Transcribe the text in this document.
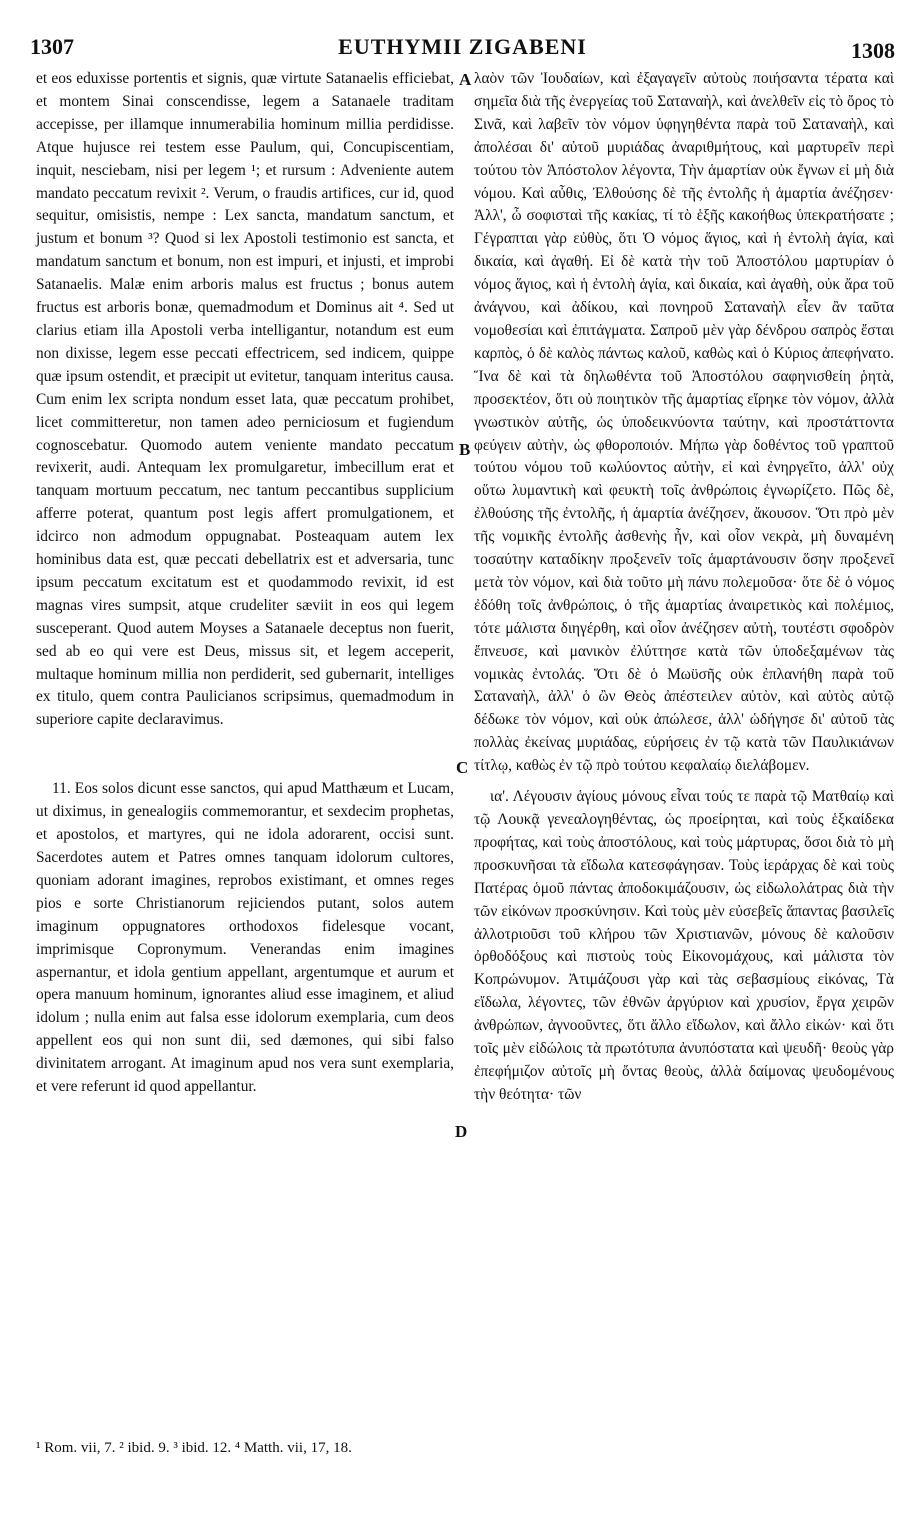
1307	EUTHYMII ZIGABENI	1308

et eos eduxisse portentis et signis, quæ virtute Satanaelis efficiebat, et montem Sinai conscendisse, legem a Satanaele traditam accepisse, per illamque innumerabilia hominum millia perdidisse. Atque hujusce rei testem esse Paulum, qui, Concupiscentiam, inquit, nesciebam, nisi per legem ¹; et rursum : Adveniente autem mandato peccatum revixit ². Verum, o fraudis artifices, cur id, quod sequitur, omisistis, nempe : Lex sancta, mandatum sanctum, et justum et bonum ³? Quod si lex Apostoli testimonio est sancta, et mandatum sanctum et bonum, non est impuri, et injusti, et improbi Satanaelis. Malæ enim arboris malus est fructus ; bonus autem fructus est arboris bonæ, quemadmodum et Dominus ait ⁴. Sed ut clarius etiam illa Apostoli verba intelligantur, notandum est eum non dixisse, legem esse peccati effectricem, sed indicem, quippe quæ ipsum ostendit, et præcipit ut evitetur, tanquam interitus causa. Cum enim lex scripta nondum esset lata, quæ peccatum prohibet, licet committeretur, non tamen adeo perniciosum et fugiendum cognoscebatur. Quomodo autem veniente mandato peccatum revixerit, audi. Antequam lex promulgaretur, imbecillum erat et tanquam mortuum peccatum, nec tantum peccantibus supplicium afferre poterat, quantum post legis affert promulgationem, et idcirco non admodum oppugnabat. Posteaquam autem lex hominibus data est, quæ peccati debellatrix est et adversaria, tunc ipsum peccatum excitatum est et quodammodo revixit, id est magnas vires sumpsit, atque crudeliter sæviit in eos qui legem susceperant. Quod autem Moyses a Satanaele deceptus non fuerit, sed ab eo qui vere est Deus, missus sit, et legem acceperit, multaque hominum millia non perdiderit, sed gubernarit, intelliges ex titulo, quem contra Paulicianos scripsimus, quemadmodum in superiore capite declaravimus.

11. Eos solos dicunt esse sanctos, qui apud Matthæum et Lucam, ut diximus, in genealogiis commemorantur, et sexdecim prophetas, et apostolos, et martyres, qui ne idola adorarent, occisi sunt. Sacerdotes autem et Patres omnes tanquam idolorum cultores, quoniam adorant imagines, reprobos existimant, et omnes reges pios e sorte Christianorum rejiciendos putant, solos autem imaginum oppugnatores orthodoxos fidelesque vocant, imprimisque Copronymum. Venerandas enim imagines aspernantur, et idola gentium appellant, argentumque et aurum et opera manuum hominum, ignorantes aliud esse imaginem, et aliud idolum ; nulla enim aut falsa esse idolorum exemplaria, cum deos appellent eos qui non sunt dii, sed dæmones, qui sibi falso divinitatem arrogant. At imaginum apud nos vera sunt exemplaria, et vere referunt id quod appellantur.

A
B
C
D

λαὸν τῶν Ἰουδαίων, καὶ ἐξαγαγεῖν αὐτοὺς ποιήσαντα τέρατα καὶ σημεῖα διὰ τῆς ἐνεργείας τοῦ Σαταναὴλ, καὶ ἀνελθεῖν εἰς τὸ ὄρος τὸ Σινᾶ, καὶ λαβεῖν τὸν νόμον ὑφηγηθέντα παρὰ τοῦ Σαταναὴλ, καὶ ἀπολέσαι δι' αὐτοῦ μυριάδας ἀναριθμήτους, καὶ μαρτυρεῖν περὶ τούτου τὸν Ἀπόστολον λέγοντα, Τὴν ἁμαρτίαν οὐκ ἔγνων εἰ μὴ διὰ νόμου. Καὶ αὖθις, Ἐλθούσης δὲ τῆς ἐντολῆς ἡ ἁμαρτία ἀνέζησεν· Ἀλλ', ὦ σοφισταὶ τῆς κακίας, τί τὸ ἑξῆς κακοήθως ὑπεκρατήσατε ; Γέγραπται γὰρ εὐθὺς, ὅτι Ὁ νόμος ἅγιος, καὶ ἡ ἐντολὴ ἁγία, καὶ δικαία, καὶ ἀγαθή. Εἰ δὲ κατὰ τὴν τοῦ Ἀποστόλου μαρτυρίαν ὁ νόμος ἅγιος, καὶ ἡ ἐντολὴ ἁγία, καὶ δικαία, καὶ ἀγαθὴ, οὐκ ἄρα τοῦ ἀνάγνου, καὶ ἀδίκου, καὶ πονηροῦ Σαταναὴλ εἶεν ἂν ταῦτα νομοθεσίαι καὶ ἐπιτάγματα. Σαπροῦ μὲν γὰρ δένδρου σαπρὸς ἔσται καρπὸς, ὁ δὲ καλὸς πάντως καλοῦ, καθὼς καὶ ὁ Κύριος ἀπεφήνατο. Ἵνα δὲ καὶ τὰ δηλωθέντα τοῦ Ἀποστόλου σαφηνισθείη ῥητὰ, προσεκτέον, ὅτι οὐ ποιητικὸν τῆς ἁμαρτίας εἴρηκε τὸν νόμον, ἀλλὰ γνωστικὸν αὐτῆς, ὡς ὑποδεικνύοντα ταύτην, καὶ προστάττοντα φεύγειν αὐτὴν, ὡς φθοροποιόν. Μήπω γὰρ δοθέντος τοῦ γραπτοῦ τούτου νόμου τοῦ κωλύοντος αὐτὴν, εἰ καὶ ἐνηργεῖτο, ἀλλ' οὐχ οὕτω λυμαντικὴ καὶ φευκτὴ τοῖς ἀνθρώποις ἐγνωρίζετο. Πῶς δὲ, ἐλθούσης τῆς ἐντολῆς, ἡ ἁμαρτία ἀνέζησεν, ἄκουσον. Ὅτι πρὸ μὲν τῆς νομικῆς ἐντολῆς ἀσθενὴς ἦν, καὶ οἷον νεκρὰ, μὴ δυναμένη τοσαύτην καταδίκην προξενεῖν τοῖς ἁμαρτάνουσιν ὅσην προξενεῖ μετὰ τὸν νόμον, καὶ διὰ τοῦτο μὴ πάνυ πολεμοῦσα· ὅτε δὲ ὁ νόμος ἐδόθη τοῖς ἀνθρώποις, ὁ τῆς ἁμαρτίας ἀναιρετικὸς καὶ πολέμιος, τότε μάλιστα διηγέρθη, καὶ οἷον ἀνέζησεν αὐτὴ, τουτέστι σφοδρὸν ἔπνευσε, καὶ μανικὸν ἐλύττησε κατὰ τῶν ὑποδεξαμένων τὰς νομικὰς ἐντολάς. Ὅτι δὲ ὁ Μωϋσῆς οὐκ ἐπλανήθη παρὰ τοῦ Σαταναὴλ, ἀλλ' ὁ ὢν Θεὸς ἀπέστειλεν αὐτὸν, καὶ αὐτὸς αὐτῷ δέδωκε τὸν νόμον, καὶ οὐκ ἀπώλεσε, ἀλλ' ὡδήγησε δι' αὐτοῦ τὰς πολλὰς ἐκείνας μυριάδας, εὑρήσεις ἐν τῷ κατὰ τῶν Παυλικιάνων τίτλῳ, καθὼς ἐν τῷ πρὸ τούτου κεφαλαίῳ διελάβομεν.

ια'. Λέγουσιν ἁγίους μόνους εἶναι τούς τε παρὰ τῷ Ματθαίῳ καὶ τῷ Λουκᾷ γενεαλογηθέντας, ὡς προείρηται, καὶ τοὺς ἑξκαίδεκα προφήτας, καὶ τοὺς ἀποστόλους, καὶ τοὺς μάρτυρας, ὅσοι διὰ τὸ μὴ προσκυνῆσαι τὰ εἴδωλα κατεσφάγησαν. Τοὺς ἱεράρχας δὲ καὶ τοὺς Πατέρας ὁμοῦ πάντας ἀποδοκιμάζουσιν, ὡς εἰδωλολάτρας διὰ τὴν τῶν εἰκόνων προσκύνησιν. Καὶ τοὺς μὲν εὐσεβεῖς ἅπαντας βασιλεῖς ἀλλοτριοῦσι τοῦ κλήρου τῶν Χριστιανῶν, μόνους δὲ καλοῦσιν ὀρθοδόξους καὶ πιστοὺς τοὺς Εἰκονομάχους, καὶ μάλιστα τὸν Κοπρώνυμον. Ἀτιμάζουσι γὰρ καὶ τὰς σεβασμίους εἰκόνας, Τὰ εἴδωλα, λέγοντες, τῶν ἐθνῶν ἀργύριον καὶ χρυσίον, ἔργα χειρῶν ἀνθρώπων, ἀγνοοῦντες, ὅτι ἄλλο εἴδωλον, καὶ ἄλλο εἰκών· καὶ ὅτι τοῖς μὲν εἰδώλοις τὰ πρωτότυπα ἀνυπόστατα καὶ ψευδῆ· θεοὺς γὰρ ἐπεφήμιζον αὐτοῖς μὴ ὄντας θεοὺς, ἀλλὰ δαίμονας ψευδομένους τὴν θεότητα· τῶν

¹ Rom. vii, 7. ² ibid. 9. ³ ibid. 12. ⁴ Matth. vii, 17, 18.
